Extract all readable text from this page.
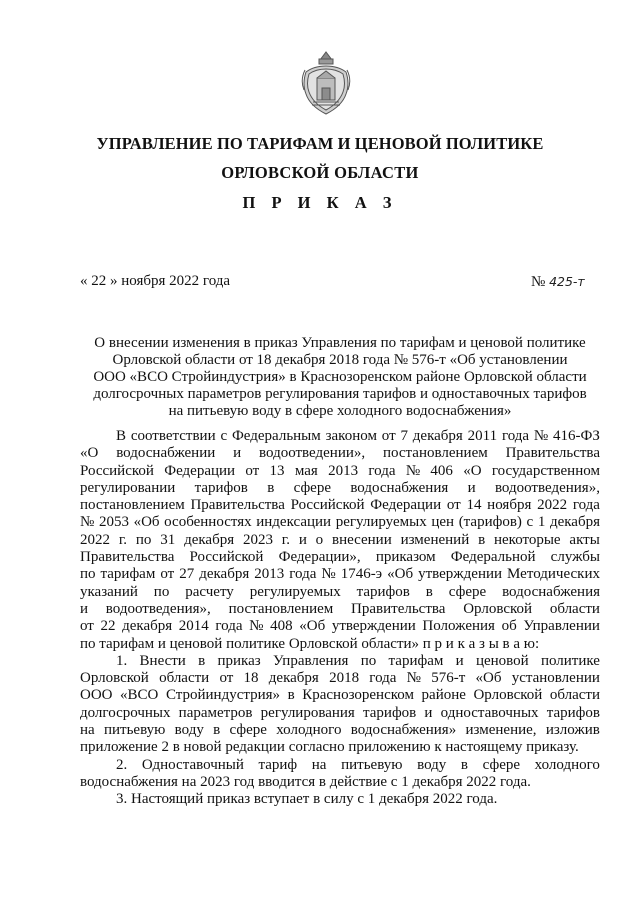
УПРАВЛЕНИЕ ПО ТАРИФАМ И ЦЕНОВОЙ ПОЛИТИКЕ
ОРЛОВСКОЙ ОБЛАСТИ
П Р И К А З
« 22 » ноября 2022 года	№ 425-т
О внесении изменения в приказ Управления по тарифам и ценовой политике
Орловской области от 18 декабря 2018 года № 576-т «Об установлении
ООО «ВСО Стройиндустрия» в Краснозоренском районе Орловской области
долгосрочных параметров регулирования тарифов и одноставочных тарифов
на питьевую воду в сфере холодного водоснабжения»
В соответствии с Федеральным законом от 7 декабря 2011 года № 416-ФЗ
«О водоснабжении и водоотведении», постановлением Правительства
Российской Федерации от 13 мая 2013 года № 406 «О государственном
регулировании тарифов в сфере водоснабжения и водоотведения»,
постановлением Правительства Российской Федерации от 14 ноября 2022 года
№ 2053 «Об особенностях индексации регулируемых цен (тарифов) с 1 декабря
2022 г. по 31 декабря 2023 г. и о внесении изменений в некоторые акты
Правительства Российской Федерации», приказом Федеральной службы
по тарифам от 27 декабря 2013 года № 1746-э «Об утверждении Методических
указаний по расчету регулируемых тарифов в сфере водоснабжения
и водоотведения», постановлением Правительства Орловской области
от 22 декабря 2014 года № 408 «Об утверждении Положения об Управлении
по тарифам и ценовой политике Орловской области» п р и к а з ы в а ю:
1. Внести в приказ Управления по тарифам и ценовой политике
Орловской области от 18 декабря 2018 года № 576-т «Об установлении
ООО «ВСО Стройиндустрия» в Краснозоренском районе Орловской области
долгосрочных параметров регулирования тарифов и одноставочных тарифов
на питьевую воду в сфере холодного водоснабжения» изменение, изложив
приложение 2 в новой редакции согласно приложению к настоящему приказу.
2. Одноставочный тариф на питьевую воду в сфере холодного
водоснабжения на 2023 год вводится в действие с 1 декабря 2022 года.
3. Настоящий приказ вступает в силу с 1 декабря 2022 года.
